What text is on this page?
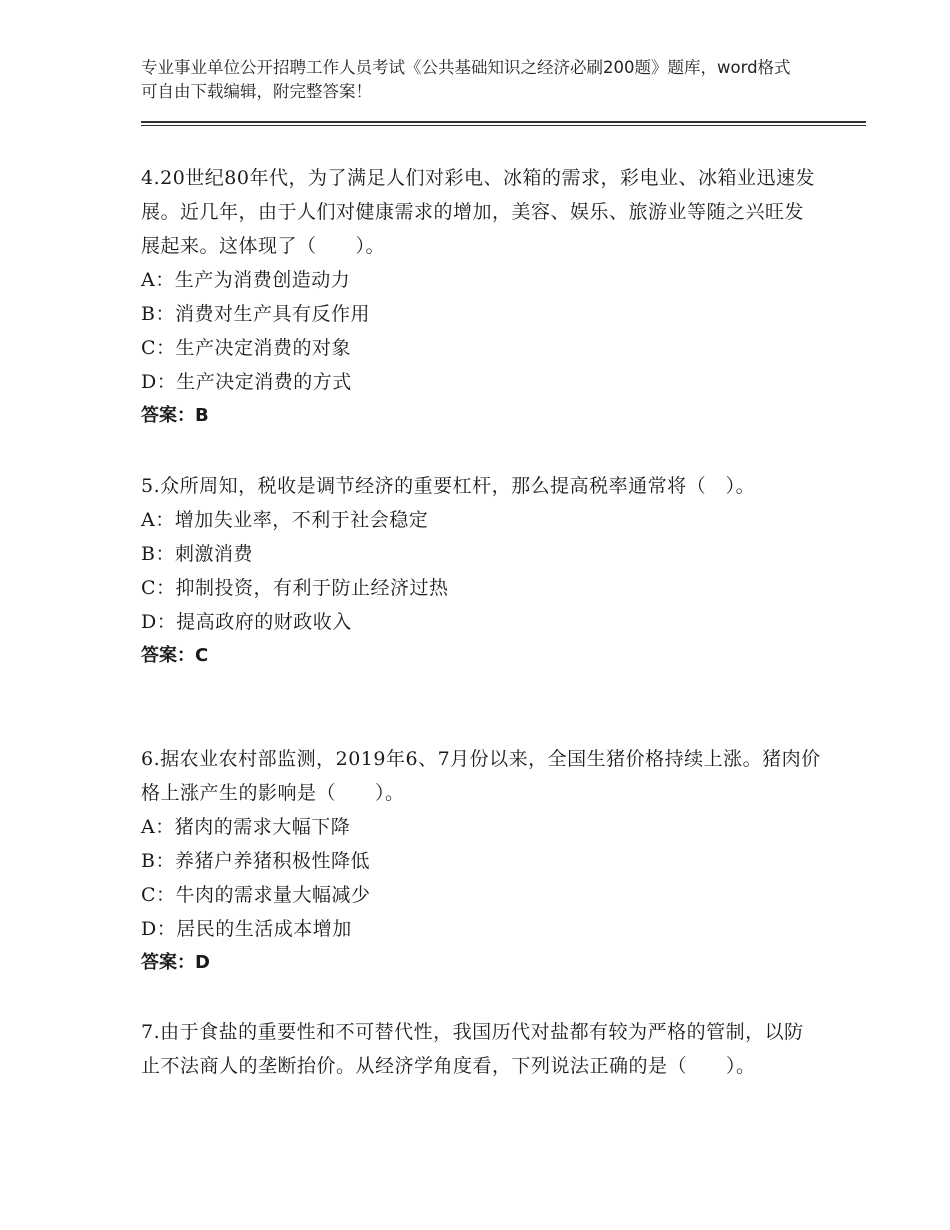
专业事业单位公开招聘工作人员考试《公共基础知识之经济必刷200题》题库，word格式可自由下载编辑，附完整答案！

4.20世纪80年代，为了满足人们对彩电、冰箱的需求，彩电业、冰箱业迅速发展。近几年，由于人们对健康需求的增加，美容、娱乐、旅游业等随之兴旺发展起来。这体现了（　　）。

A：生产为消费创造动力

B：消费对生产具有反作用

C：生产决定消费的对象

D：生产决定消费的方式

答案：B

5.众所周知，税收是调节经济的重要杠杆，那么提高税率通常将（　）。

A：增加失业率，不利于社会稳定

B：刺激消费

C：抑制投资，有利于防止经济过热

D：提高政府的财政收入

答案：C

6.据农业农村部监测，2019年6、7月份以来，全国生猪价格持续上涨。猪肉价格上涨产生的影响是（　　）。

A：猪肉的需求大幅下降

B：养猪户养猪积极性降低

C：牛肉的需求量大幅减少

D：居民的生活成本增加

答案：D

7.由于食盐的重要性和不可替代性，我国历代对盐都有较为严格的管制，以防止不法商人的垄断抬价。从经济学角度看，下列说法正确的是（　　）。
